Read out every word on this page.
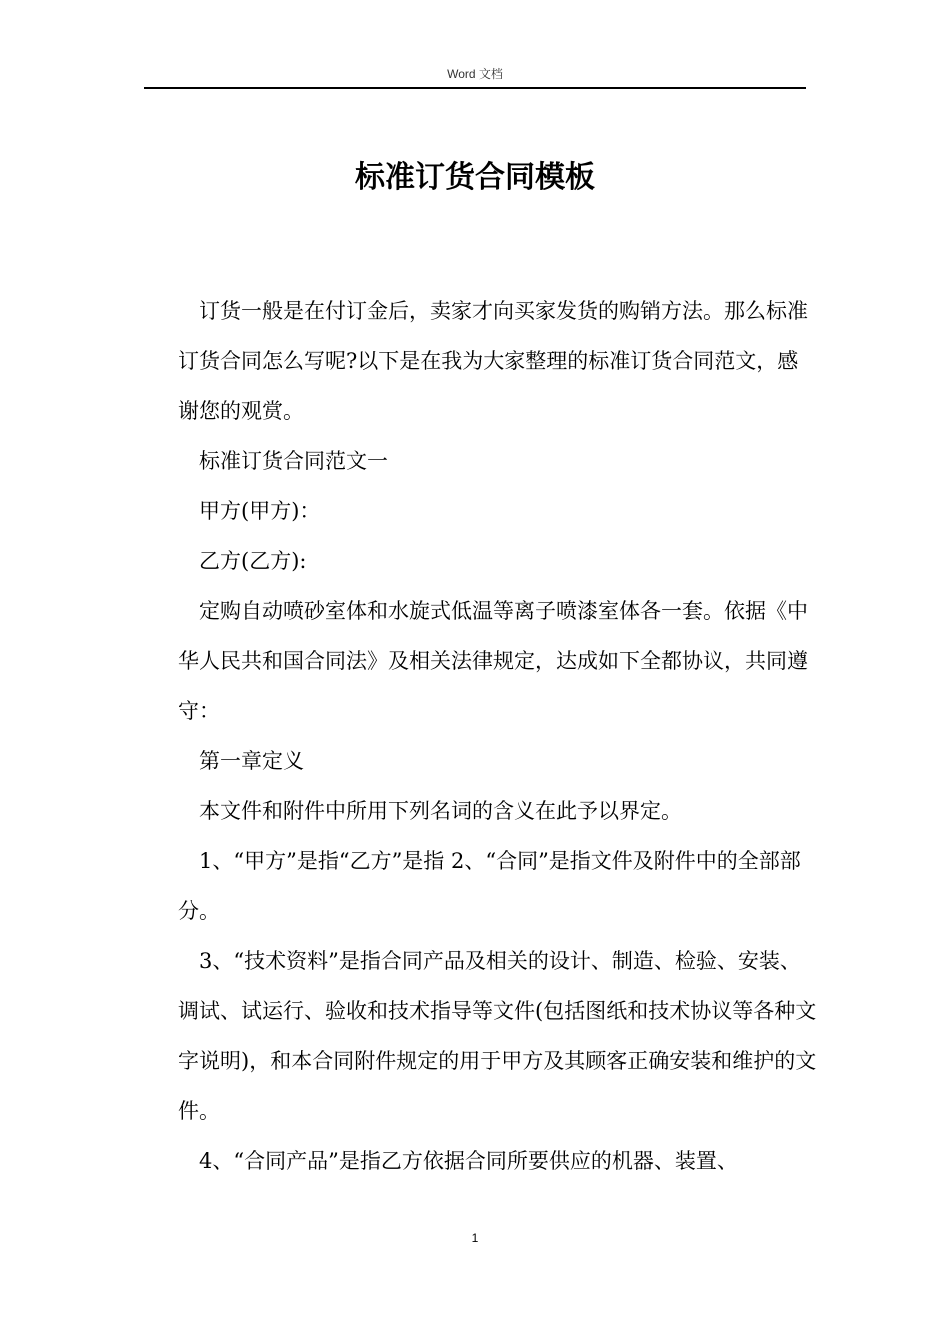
Word 文档
标准订货合同模板

订货一般是在付订金后，卖家才向买家发货的购销方法。那么标准订货合同怎么写呢?以下是在我为大家整理的标准订货合同范文，感谢您的观赏。

标准订货合同范文一

甲方(甲方)：

乙方(乙方):

定购自动喷砂室体和水旋式低温等离子喷漆室体各一套。依据《中华人民共和国合同法》及相关法律规定，达成如下全都协议，共同遵守：

第一章定义

本文件和附件中所用下列名词的含义在此予以界定。

1、“甲方”是指“乙方”是指 2、“合同”是指文件及附件中的全部部分。

3、“技术资料”是指合同产品及相关的设计、制造、检验、安装、调试、试运行、验收和技术指导等文件(包括图纸和技术协议等各种文字说明)，和本合同附件规定的用于甲方及其顾客正确安装和维护的文件。

4、“合同产品”是指乙方依据合同所要供应的机器、装置、

1
